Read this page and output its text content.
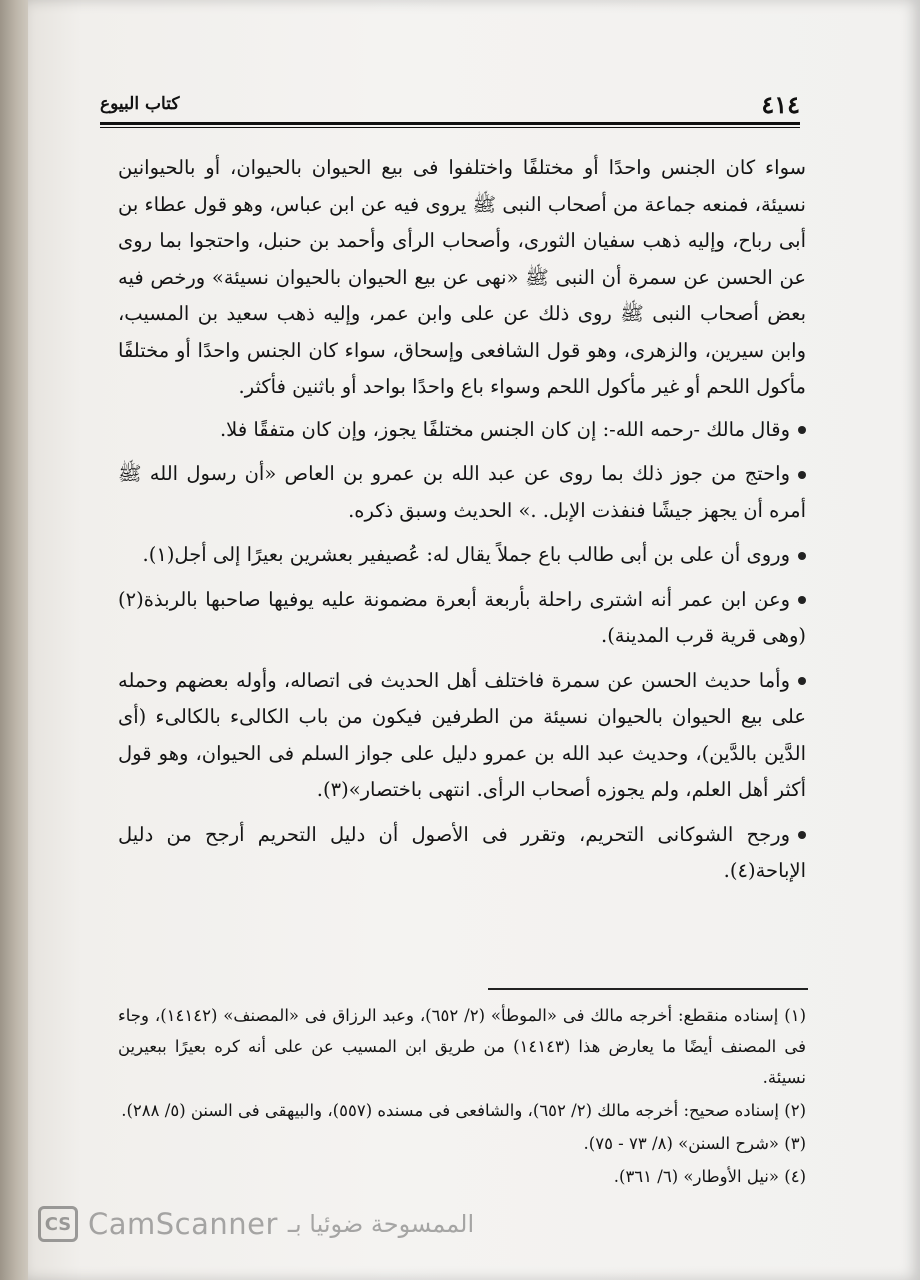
٤١٤
كتاب البيوع

سواء كان الجنس واحدًا أو مختلفًا واختلفوا فى بيع الحيوان بالحيوان، أو بالحيوانين نسيئة، فمنعه جماعة من أصحاب النبى ﷺ يروى فيه عن ابن عباس، وهو قول عطاء بن أبى رباح، وإليه ذهب سفيان الثورى، وأصحاب الرأى وأحمد بن حنبل، واحتجوا بما روى عن الحسن عن سمرة أن النبى ﷺ «نهى عن بيع الحيوان بالحيوان نسيئة» ورخص فيه بعض أصحاب النبى ﷺ روى ذلك عن على وابن عمر، وإليه ذهب سعيد بن المسيب، وابن سيرين، والزهرى، وهو قول الشافعى وإسحاق، سواء كان الجنس واحدًا أو مختلفًا مأكول اللحم أو غير مأكول اللحم وسواء باع واحدًا بواحد أو باثنين فأكثر.

وقال مالك -رحمه الله-: إن كان الجنس مختلفًا يجوز، وإن كان متفقًا فلا.

واحتج من جوز ذلك بما روى عن عبد الله بن عمرو بن العاص «أن رسول الله ﷺ أمره أن يجهز جيشًا فنفذت الإبل. .» الحديث وسبق ذكره.

وروى أن على بن أبى طالب باع جملاً يقال له: عُصيفير بعشرين بعيرًا إلى أجل(١).

وعن ابن عمر أنه اشترى راحلة بأربعة أبعرة مضمونة عليه يوفيها صاحبها بالربذة(٢) (وهى قرية قرب المدينة).

وأما حديث الحسن عن سمرة فاختلف أهل الحديث فى اتصاله، وأوله بعضهم وحمله على بيع الحيوان بالحيوان نسيئة من الطرفين فيكون من باب الكالىء بالكالىء (أى الدَّين بالدَّين)، وحديث عبد الله بن عمرو دليل على جواز السلم فى الحيوان، وهو قول أكثر أهل العلم، ولم يجوزه أصحاب الرأى. انتهى باختصار»(٣).

ورجح الشوكانى التحريم، وتقرر فى الأصول أن دليل التحريم أرجح من دليل الإباحة(٤).

(١) إسناده منقطع: أخرجه مالك فى «الموطأ» (٢/ ٦٥٢)، وعبد الرزاق فى «المصنف» (١٤١٤٢)، وجاء فى المصنف أيضًا ما يعارض هذا (١٤١٤٣) من طريق ابن المسيب عن على أنه كره بعيرًا ببعيرين نسيئة.

(٢) إسناده صحيح: أخرجه مالك (٢/ ٦٥٢)، والشافعى فى مسنده (٥٥٧)، والبيهقى فى السنن (٥/ ٢٨٨).

(٣) «شرح السنن» (٨/ ٧٣ - ٧٥).

(٤) «نيل الأوطار» (٦/ ٣٦١).

CS CamScanner الممسوحة ضوئيا بـ
